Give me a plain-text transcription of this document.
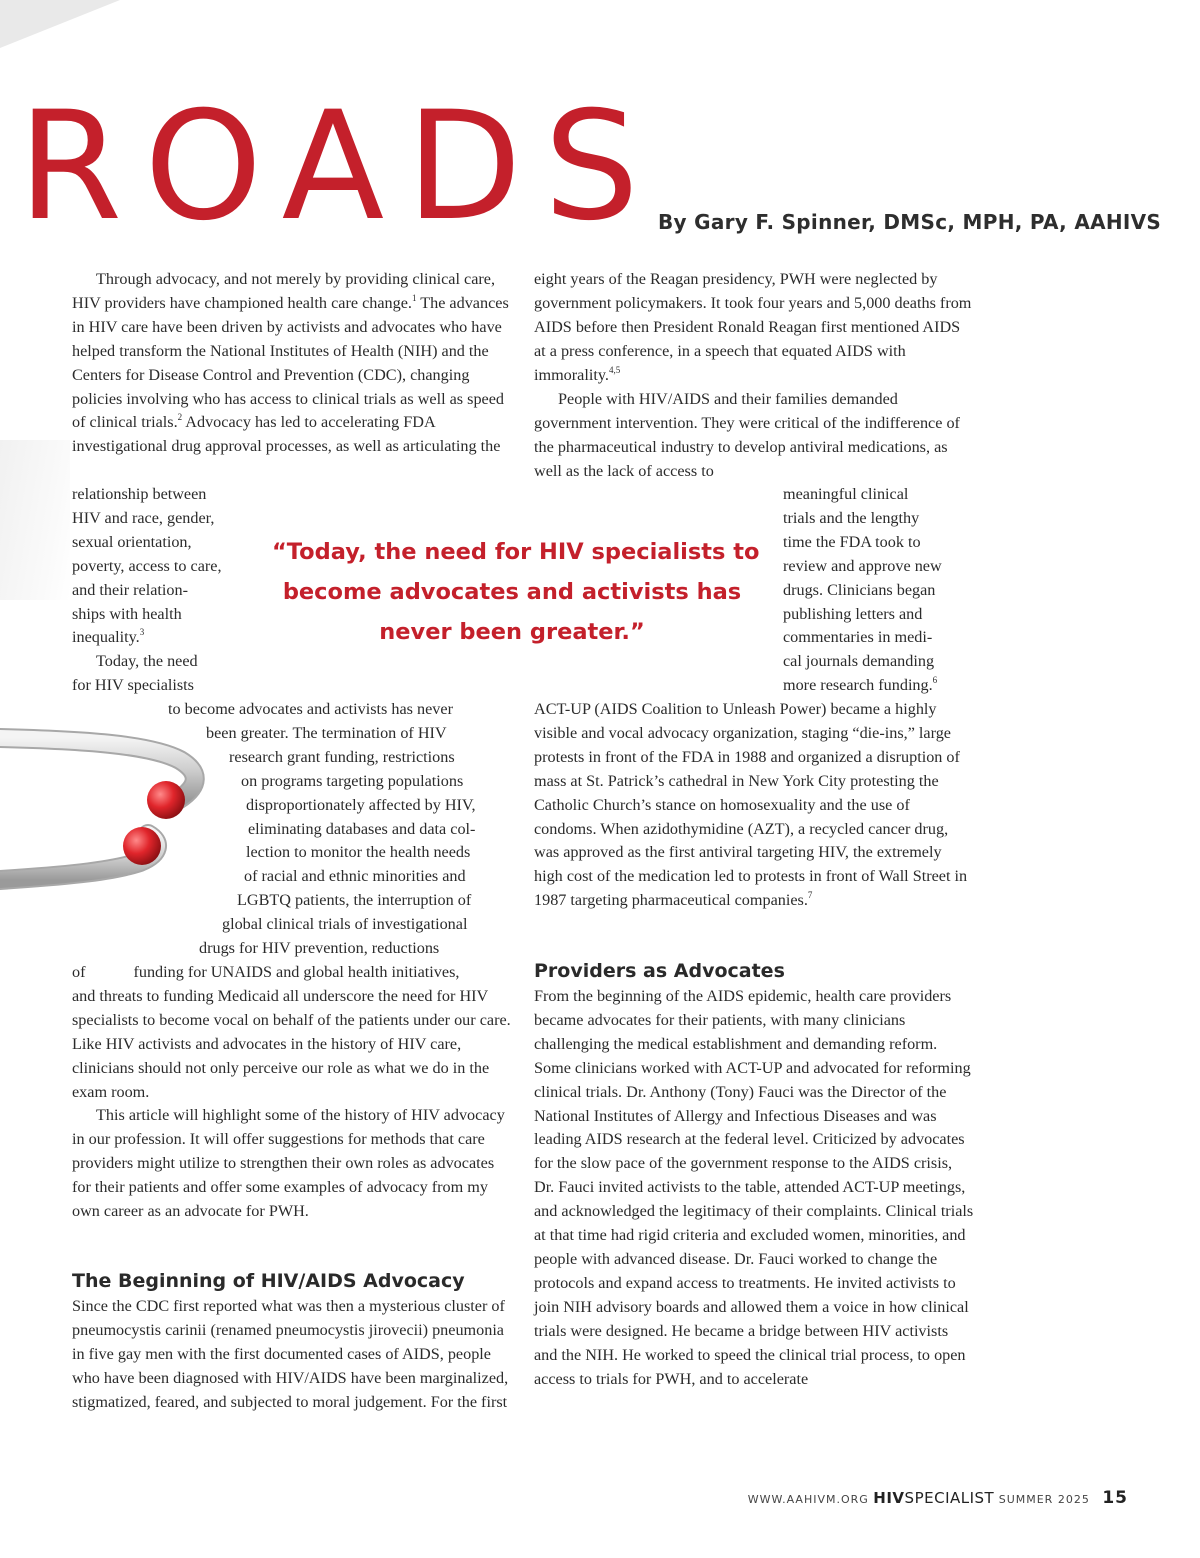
ROADS

By Gary F. Spinner, DMSc, MPH, PA, AAHIVS

Through advocacy, and not merely by providing clinical care, HIV providers have championed health care change.$^1$ The advances in HIV care have been driven by activists and advocates who have helped transform the National Institutes of Health (NIH) and the Centers for Disease Control and Prevention (CDC), changing policies involving who has access to clinical trials as well as speed of clinical trials.$^2$ Advocacy has led to accelerating FDA investigational drug approval processes, as well as articulating the

relationship between
HIV and race, gender,
sexual orientation,
poverty, access to care,
and their relation-
ships with health
inequality.$^3$
Today, the need
for HIV specialists
to become advocates and activists has never
been greater. The termination of HIV
research grant funding, restrictions
on programs targeting populations
disproportionately affected by HIV,
eliminating databases and data col-
lection to monitor the health needs
of racial and ethnic minorities and
LGBTQ patients, the interruption of
global clinical trials of investigational
drugs for HIV prevention, reductions
of	funding for UNAIDS and global health initiatives,
and threats to funding Medicaid all underscore the need for HIV specialists to become vocal on behalf of the patients under our care. Like HIV activists and advocates in the history of HIV care, clinicians should not only perceive our role as what we do in the exam room.

This article will highlight some of the history of HIV advocacy in our profession. It will offer suggestions for methods that care providers might utilize to strengthen their own roles as advocates for their patients and offer some examples of advocacy from my own career as an advocate for PWH.

The Beginning of HIV/AIDS Advocacy

Since the CDC first reported what was then a mysterious cluster of pneumocystis carinii (renamed pneumocystis jirovecii) pneumonia in five gay men with the first documented cases of AIDS, people who have been diagnosed with HIV/AIDS have been marginalized, stigmatized, feared, and subjected to moral judgement. For the first

“Today, the need for HIV specialists to
become advocates and activists has
never been greater.”

eight years of the Reagan presidency, PWH were neglected by government policymakers. It took four years and 5,000 deaths from AIDS before then President Ronald Reagan first mentioned AIDS at a press conference, in a speech that equated AIDS with immorality.$^{4,5}$

People with HIV/AIDS and their families demanded government intervention. They were critical of the indifference of the pharmaceutical industry to develop antiviral medications, as well as the lack of access to

meaningful clinical
trials and the lengthy
time the FDA took to
review and approve new
drugs. Clinicians began
publishing letters and
commentaries in medi-
cal journals demanding
more research funding.$^6$

ACT-UP (AIDS Coalition to Unleash Power) became a highly visible and vocal advocacy organization, staging “die-ins,” large protests in front of the FDA in 1988 and organized a disruption of mass at St. Patrick’s cathedral in New York City protesting the Catholic Church’s stance on homosexuality and the use of condoms. When azidothymidine (AZT), a recycled cancer drug, was approved as the first antiviral targeting HIV, the extremely high cost of the medication led to protests in front of Wall Street in 1987 targeting pharmaceutical companies.$^7$

Providers as Advocates

From the beginning of the AIDS epidemic, health care providers became advocates for their patients, with many clinicians challenging the medical establishment and demanding reform. Some clinicians worked with ACT-UP and advocated for reforming clinical trials. Dr. Anthony (Tony) Fauci was the Director of the National Institutes of Allergy and Infectious Diseases and was leading AIDS research at the federal level. Criticized by advocates for the slow pace of the government response to the AIDS crisis, Dr. Fauci invited activists to the table, attended ACT-UP meetings, and acknowledged the legitimacy of their complaints. Clinical trials at that time had rigid criteria and excluded women, minorities, and people with advanced disease. Dr. Fauci worked to change the protocols and expand access to treatments. He invited activists to join NIH advisory boards and allowed them a voice in how clinical trials were designed. He became a bridge between HIV activists and the NIH. He worked to speed the clinical trial process, to open access to trials for PWH, and to accelerate

WWW.AAHIVM.ORG HIVSPECIALIST SUMMER 2025 15
